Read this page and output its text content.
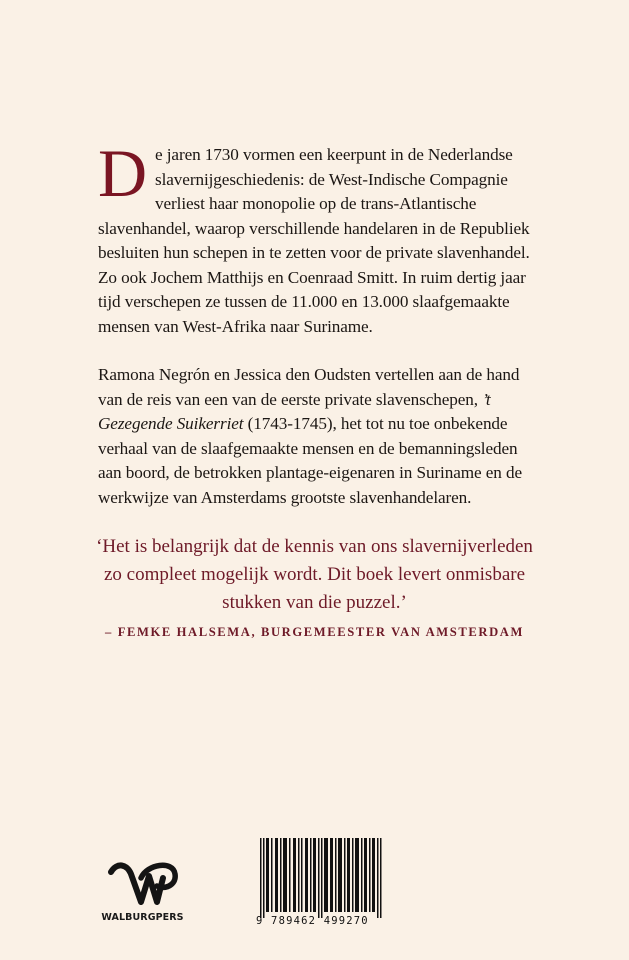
De jaren 1730 vormen een keerpunt in de Nederlandse slavernijgeschiedenis: de West-Indische Compagnie verliest haar monopolie op de trans-Atlantische slavenhandel, waarop verschillende handelaren in de Republiek besluiten hun schepen in te zetten voor de private slavenhandel. Zo ook Jochem Matthijs en Coenraad Smitt. In ruim dertig jaar tijd verschepen ze tussen de 11.000 en 13.000 slaafgemaakte mensen van West-Afrika naar Suriname.

Ramona Negrón en Jessica den Oudsten vertellen aan de hand van de reis van een van de eerste private slavenschepen, ’t Gezegende Suikerriet (1743-1745), het tot nu toe onbekende verhaal van de slaafgemaakte mensen en de bemanningsleden aan boord, de betrokken plantage-eigenaren in Suriname en de werkwijze van Amsterdams grootste slavenhandelaren.

‘Het is belangrijk dat de kennis van ons slavernijverleden
zo compleet mogelijk wordt. Dit boek levert onmisbare
stukken van die puzzel.’
– FEMKE HALSEMA, BURGEMEESTER VAN AMSTERDAM
WALBURGPERS	9 789462 499270
